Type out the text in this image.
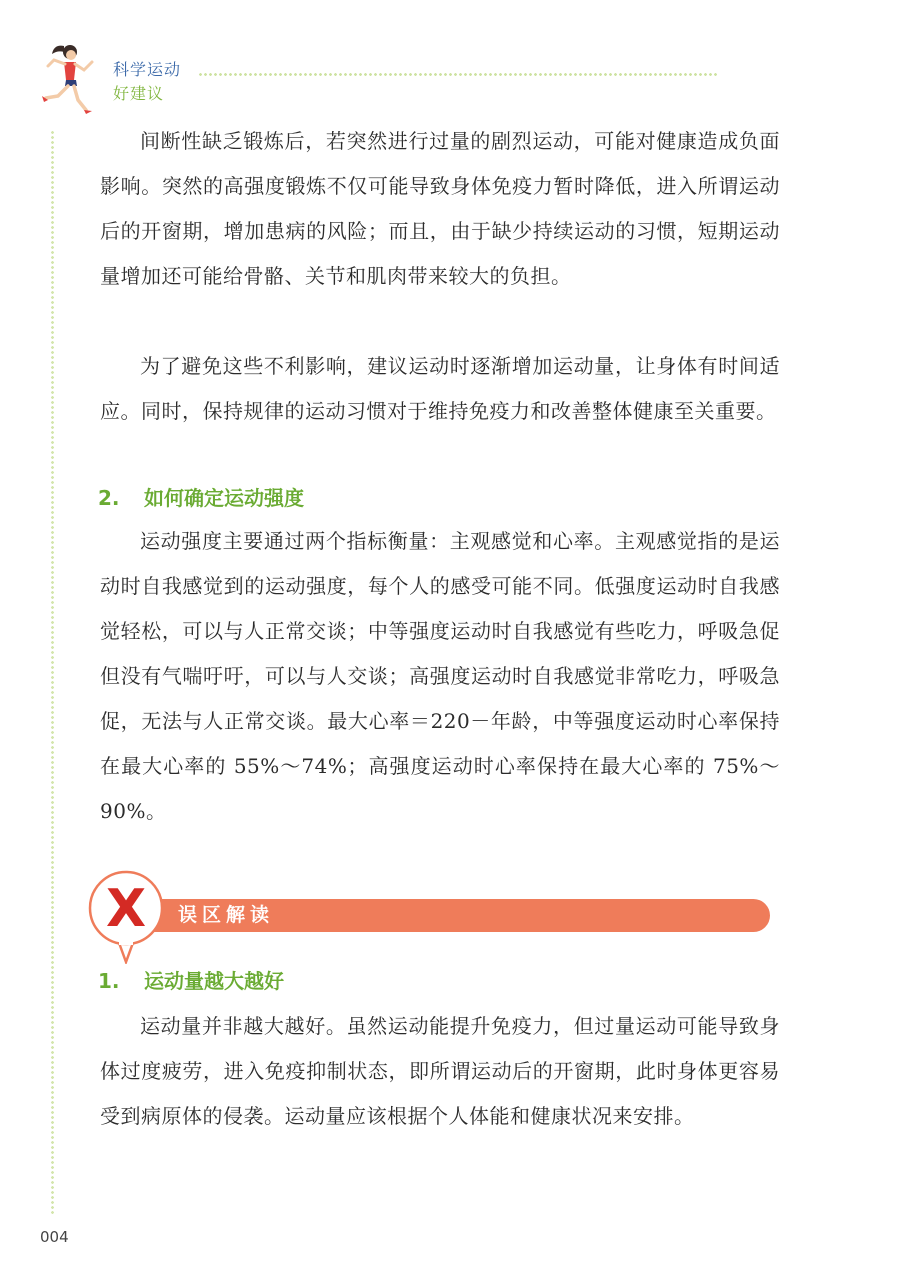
科学运动

好建议

间断性缺乏锻炼后，若突然进行过量的剧烈运动，可能对健康造成负面影响。突然的高强度锻炼不仅可能导致身体免疫力暂时降低，进入所谓运动后的开窗期，增加患病的风险；而且，由于缺少持续运动的习惯，短期运动量增加还可能给骨骼、关节和肌肉带来较大的负担。

为了避免这些不利影响，建议运动时逐渐增加运动量，让身体有时间适应。同时，保持规律的运动习惯对于维持免疫力和改善整体健康至关重要。

2. 如何确定运动强度

运动强度主要通过两个指标衡量：主观感觉和心率。主观感觉指的是运动时自我感觉到的运动强度，每个人的感受可能不同。低强度运动时自我感觉轻松，可以与人正常交谈；中等强度运动时自我感觉有些吃力，呼吸急促但没有气喘吁吁，可以与人交谈；高强度运动时自我感觉非常吃力，呼吸急促，无法与人正常交谈。最大心率＝220－年龄，中等强度运动时心率保持在最大心率的 55%～74%；高强度运动时心率保持在最大心率的 75%～90%。

误区解读
X
1. 运动量越大越好

运动量并非越大越好。虽然运动能提升免疫力，但过量运动可能导致身体过度疲劳，进入免疫抑制状态，即所谓运动后的开窗期，此时身体更容易受到病原体的侵袭。运动量应该根据个人体能和健康状况来安排。

004
